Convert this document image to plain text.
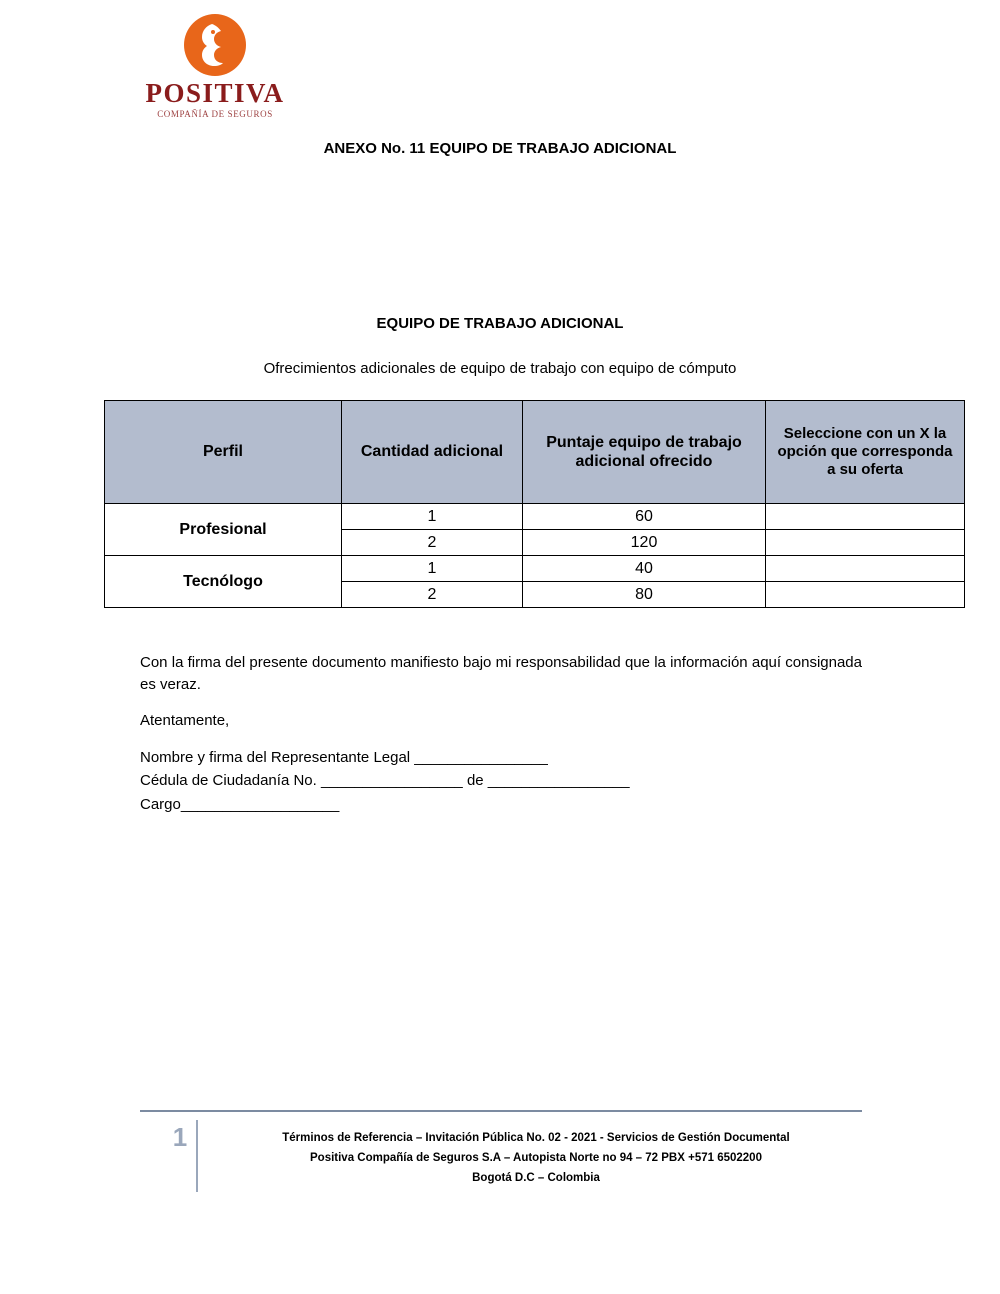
POSITIVA
COMPAÑÍA DE SEGUROS
ANEXO No. 11 EQUIPO DE TRABAJO ADICIONAL
EQUIPO DE TRABAJO ADICIONAL
Ofrecimientos adicionales de equipo de trabajo con equipo de cómputo
Perfil	Cantidad adicional	Puntaje equipo de trabajo adicional ofrecido	Seleccione con un X la opción que corresponda a su oferta
Profesional	1	60	
	2	120	
Tecnólogo	1	40	
	2	80	
Con la firma del presente documento manifiesto bajo mi responsabilidad que la información aquí consignada es veraz.
Atentamente,
Nombre y firma del Representante Legal ________________
Cédula de Ciudadanía No. _________________ de _________________
Cargo___________________
1	Términos de Referencia – Invitación Pública No. 02 - 2021 - Servicios de Gestión Documental
Positiva Compañía de Seguros S.A – Autopista Norte no 94 – 72 PBX +571 6502200
Bogotá D.C – Colombia
